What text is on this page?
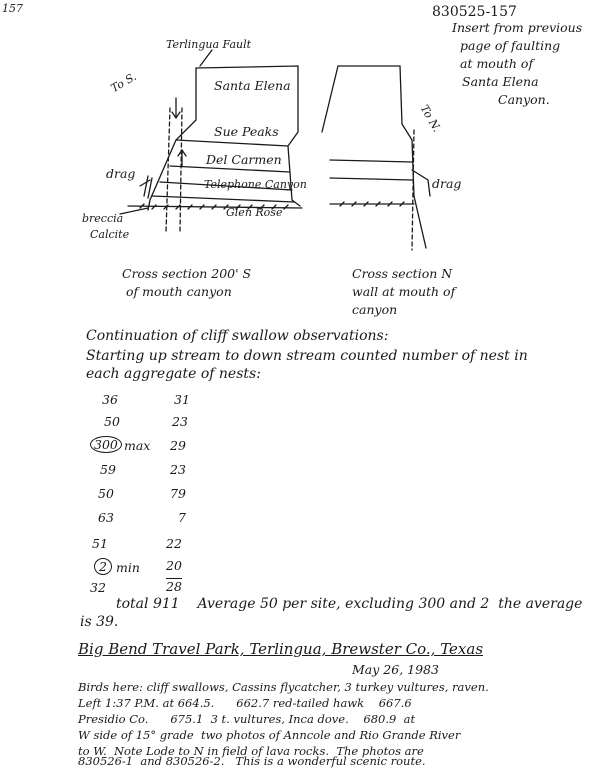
157	830525-157
Insert from previous
page of faulting
at mouth of
Santa Elena
Canyon.
Terlingua Fault
To S.	Santa Elena
Sue Peaks
Del Carmen
Telephone Canyon
Glen Rose
drag
breccia
Calcite
Cross section 200' S
of mouth canyon
To N.
drag
Cross section N
wall at mouth of
canyon
Continuation of cliff swallow observations:
Starting up stream to down stream counted number of nest in
each aggregate of nests:
36
50
300 max
59
50
63
51
2 min
32
31
23
29
23
79
7
22
20
28
total 911    Average 50 per site, excluding 300 and 2  the average
is 39.
Big Bend Travel Park, Terlingua, Brewster Co., Texas
May 26, 1983
Birds here: cliff swallows, Cassins flycatcher, 3 turkey vultures, raven.
Left 1:37 P.M. at 664.5.      662.7 red-tailed hawk    667.6
Presidio Co.      675.1  3 t. vultures, Inca dove.    680.9  at
W side of 15° grade  two photos of Anncole and Rio Grande River
to W.  Note Lode to N in field of lava rocks.  The photos are
830526-1  and 830526-2.   This is a wonderful scenic route.
